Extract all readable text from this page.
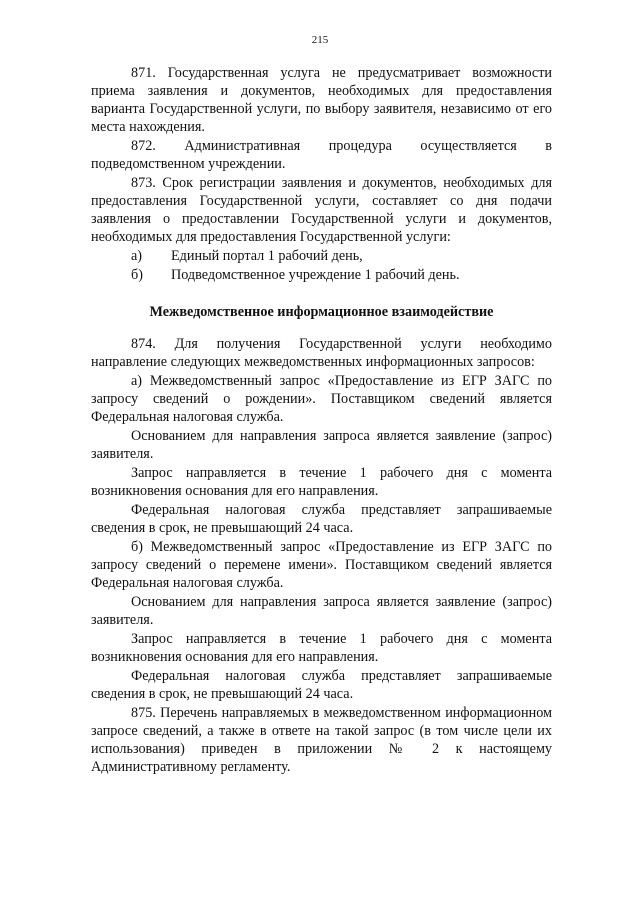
215

871. Государственная услуга не предусматривает возможности приема заявления и документов, необходимых для предоставления варианта Государственной услуги, по выбору заявителя, независимо от его места нахождения.

872. Административная процедура осуществляется в подведомственном учреждении.

873. Срок регистрации заявления и документов, необходимых для предоставления Государственной услуги, составляет со дня подачи заявления о предоставлении Государственной услуги и документов, необходимых для предоставления Государственной услуги:

а)	Единый портал 1 рабочий день,
б)	Подведомственное учреждение 1 рабочий день.

Межведомственное информационное взаимодействие

874. Для получения Государственной услуги необходимо направление следующих межведомственных информационных запросов:

а) Межведомственный запрос «Предоставление из ЕГР ЗАГС по запросу сведений о рождении». Поставщиком сведений является Федеральная налоговая служба.

Основанием для направления запроса является заявление (запрос) заявителя.

Запрос направляется в течение 1 рабочего дня с момента возникновения основания для его направления.

Федеральная налоговая служба представляет запрашиваемые сведения в срок, не превышающий 24 часа.

б) Межведомственный запрос «Предоставление из ЕГР ЗАГС по запросу сведений о перемене имени». Поставщиком сведений является Федеральная налоговая служба.

Основанием для направления запроса является заявление (запрос) заявителя.

Запрос направляется в течение 1 рабочего дня с момента возникновения основания для его направления.

Федеральная налоговая служба представляет запрашиваемые сведения в срок, не превышающий 24 часа.

875. Перечень направляемых в межведомственном информационном запросе сведений, а также в ответе на такой запрос (в том числе цели их использования) приведен в приложении № 2 к настоящему Административному регламенту.
